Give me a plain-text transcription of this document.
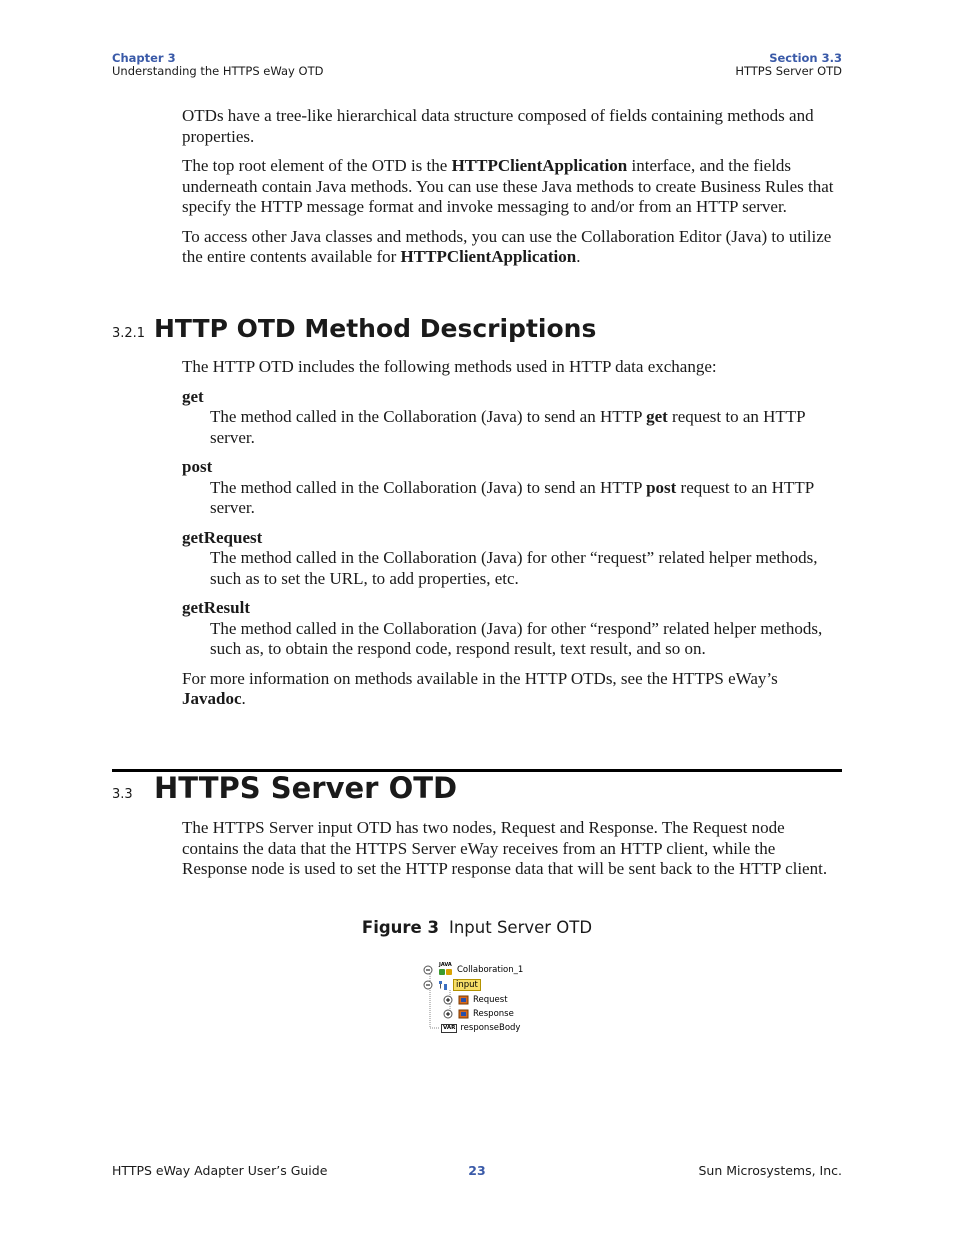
Chapter 3
Understanding the HTTPS eWay OTD
Section 3.3
HTTPS Server OTD

OTDs have a tree-like hierarchical data structure composed of fields containing methods and properties.

The top root element of the OTD is the HTTPClientApplication interface, and the fields underneath contain Java methods. You can use these Java methods to create Business Rules that specify the HTTP message format and invoke messaging to and/or from an HTTP server.

To access other Java classes and methods, you can use the Collaboration Editor (Java) to utilize the entire contents available for HTTPClientApplication.

3.2.1 HTTP OTD Method Descriptions

The HTTP OTD includes the following methods used in HTTP data exchange:

get
The method called in the Collaboration (Java) to send an HTTP get request to an HTTP server.
post
The method called in the Collaboration (Java) to send an HTTP post request to an HTTP server.
getRequest
The method called in the Collaboration (Java) for other “request” related helper methods, such as to set the URL, to add properties, etc.
getResult
The method called in the Collaboration (Java) for other “respond” related helper methods, such as, to obtain the respond code, respond result, text result, and so on.

For more information on methods available in the HTTP OTDs, see the HTTPS eWay’s Javadoc.

3.3 HTTPS Server OTD

The HTTPS Server input OTD has two nodes, Request and Response. The Request node contains the data that the HTTPS Server eWay receives from an HTTP client, while the Response node is used to set the HTTP response data that will be sent back to the HTTP client.

Figure 3 Input Server OTD
JAVA
Collaboration_1
input
Request
Response
VAR responseBody
HTTPS eWay Adapter User’s Guide	23	Sun Microsystems, Inc.
